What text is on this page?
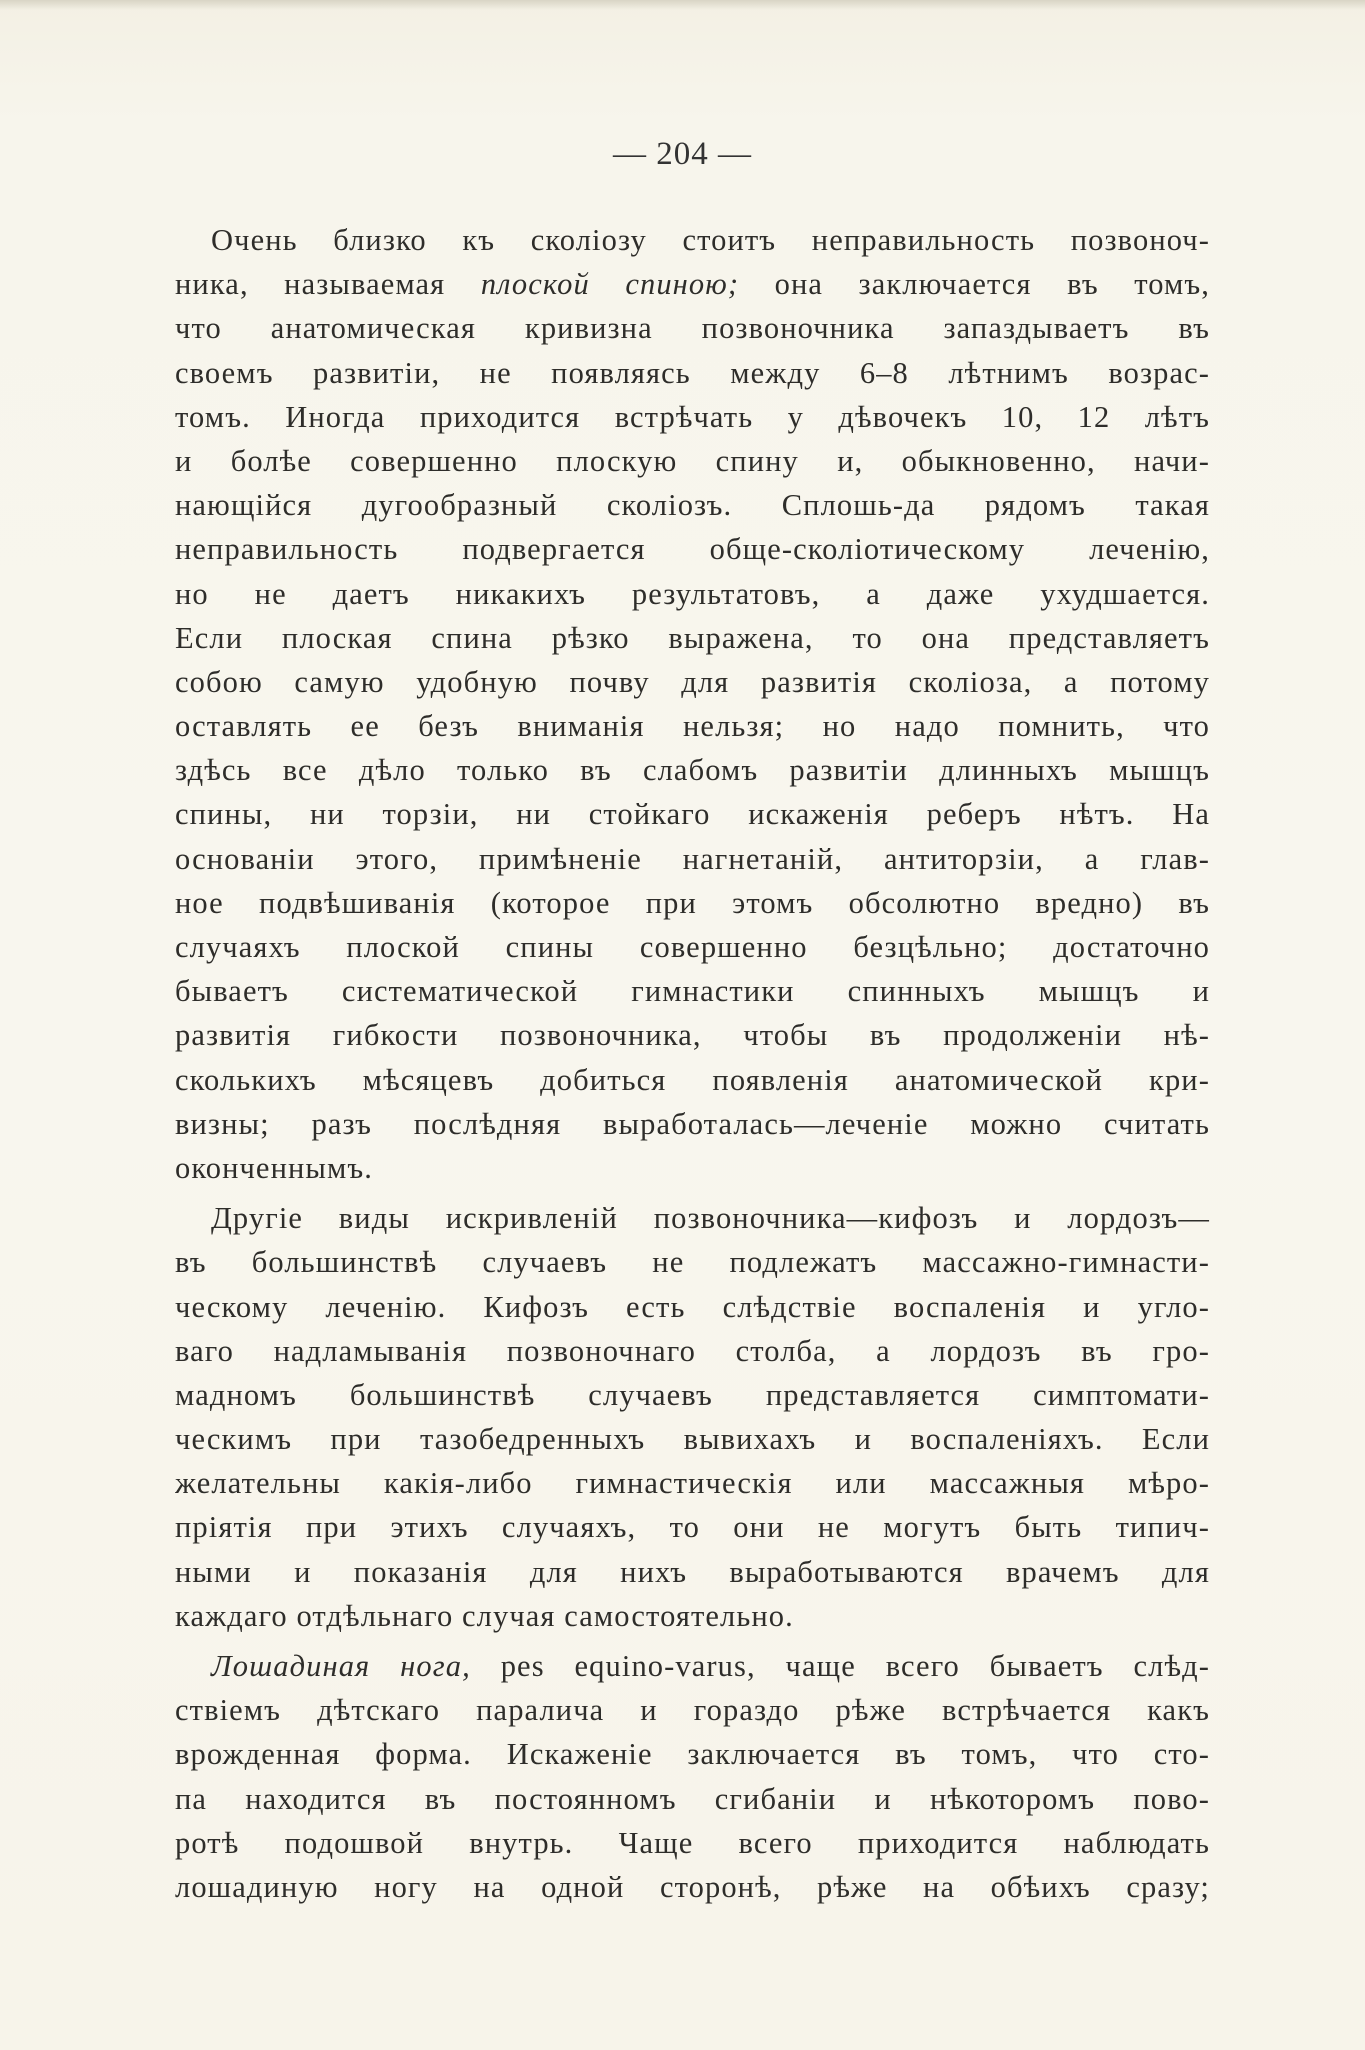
— 204 —
Очень близко къ сколiозу стоитъ неправильность позвоноч-
ника, называемая плоской спиною; она заключается въ томъ,
что анатомическая кривизна позвоночника запаздываетъ въ
своемъ развитiи, не появляясь между 6–8 лѣтнимъ возрас-
томъ. Иногда приходится встрѣчать у дѣвочекъ 10, 12 лѣтъ
и болѣе совершенно плоскую спину и, обыкновенно, начи-
нающiйся дугообразный сколiозъ. Сплошь-да рядомъ такая
неправильность подвергается обще-сколiотическому леченiю,
но не даетъ никакихъ результатовъ, а даже ухудшается.
Если плоская спина рѣзко выражена, то она представляетъ
собою самую удобную почву для развитiя сколiоза, а потому
оставлять ее безъ вниманiя нельзя; но надо помнить, что
здѣсь все дѣло только въ слабомъ развитiи длинныхъ мышцъ
спины, ни торзiи, ни стойкаго искаженiя реберъ нѣтъ. На
основанiи этого, примѣненiе нагнетанiй, антиторзiи, а глав-
ное подвѣшиванiя (которое при этомъ обсолютно вредно) въ
случаяхъ плоской спины совершенно безцѣльно; достаточно
бываетъ систематической гимнастики спинныхъ мышцъ и
развитiя гибкости позвоночника, чтобы въ продолженiи нѣ-
сколькихъ мѣсяцевъ добиться появленiя анатомической кри-
визны; разъ послѣдняя выработалась—леченiе можно считать
оконченнымъ.
Другiе виды искривленiй позвоночника—кифозъ и лордозъ—
въ большинствѣ случаевъ не подлежатъ массажно-гимнасти-
ческому леченiю. Кифозъ есть слѣдствiе воспаленiя и угло-
ваго надламыванiя позвоночнаго столба, а лордозъ въ гро-
мадномъ большинствѣ случаевъ представляется симптомати-
ческимъ при тазобедренныхъ вывихахъ и воспаленiяхъ. Если
желательны какiя-либо гимнастическiя или массажныя мѣро-
прiятiя при этихъ случаяхъ, то они не могутъ быть типич-
ными и показанiя для нихъ выработываются врачемъ для
каждаго отдѣльнаго случая самостоятельно.
Лошадиная нога, pes equino-varus, чаще всего бываетъ слѣд-
ствiемъ дѣтскаго паралича и гораздо рѣже встрѣчается какъ
врожденная форма. Искаженiе заключается въ томъ, что сто-
па находится въ постоянномъ сгибанiи и нѣкоторомъ пово-
ротѣ подошвой внутрь. Чаще всего приходится наблюдать
лошадиную ногу на одной сторонѣ, рѣже на обѣихъ сразу;
